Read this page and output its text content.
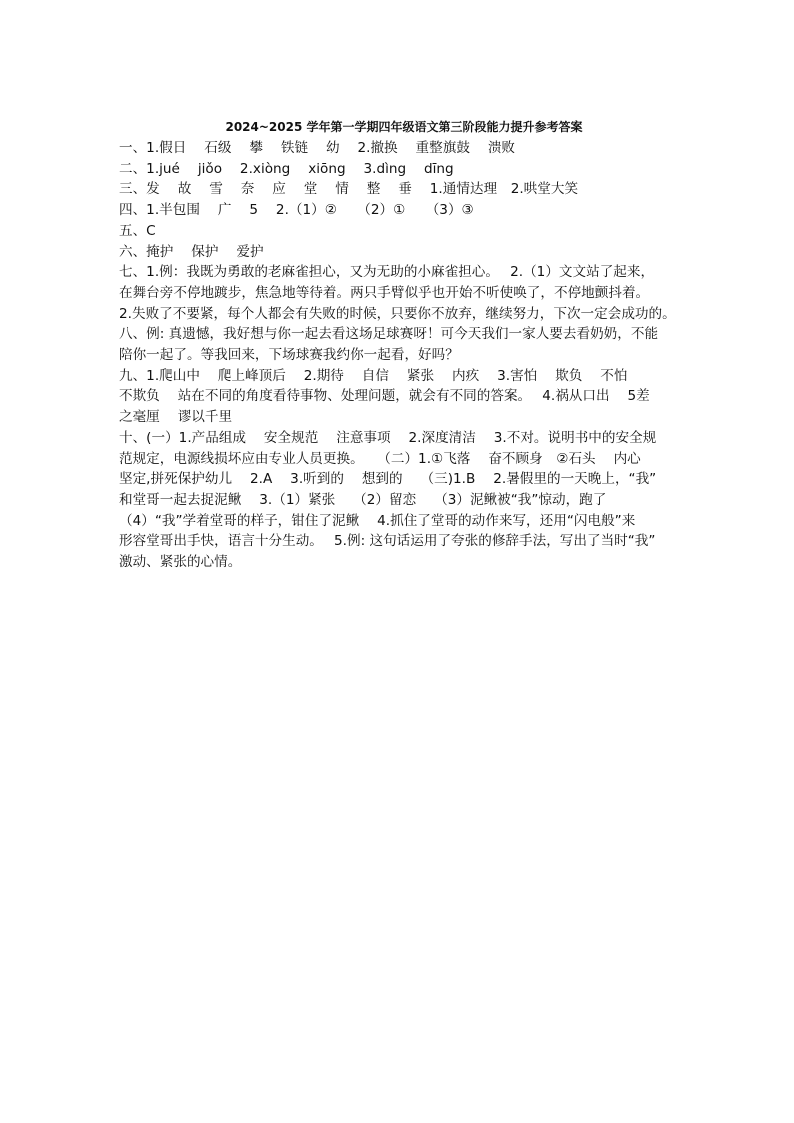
2024~2025 学年第一学期四年级语文第三阶段能力提升参考答案
一、1.假日　 石级　 攀　 铁链　 幼　 2.撤换　 重整旗鼓　 溃败
二、1.jué　 jiǒo　 2.xiòng　 xiōng　 3.dìng　 dīng
三、发　 故　 雪　 奈　 应　 堂　 情　 整　 垂　 1.通情达理　2.哄堂大笑
四、1.半包围　 广　 5　 2.（1）②　　（2）①　　（3）③
五、C
六、掩护　 保护　 爱护
七、1.例：我既为勇敢的老麻雀担心，又为无助的小麻雀担心。　 2.（1）文文站了起来，
在舞台旁不停地踱步，焦急地等待着。两只手臂似乎也开始不听使唤了，不停地颤抖着。
2.失败了不要紧，每个人都会有失败的时候，只要你不放弃，继续努力，下次一定会成功的。
八、例: 真遗憾，我好想与你一起去看这场足球赛呀！可今天我们一家人要去看奶奶，不能
陪你一起了。等我回来，下场球赛我约你一起看，好吗？
九、1.爬山中　 爬上峰顶后　 2.期待　 自信　 紧张　 内疚　 3.害怕　 欺负　 不怕
不欺负　 站在不同的角度看待事物、处理问题，就会有不同的答案。　 4.祸从口出　 5差
之毫厘　 谬以千里
十、(一）1.产品组成　 安全规范　 注意事项　 2.深度清洁　 3.不对。说明书中的安全规
范规定，电源线损坏应由专业人员更换。　　（二）1.①飞落　 奋不顾身　②石头　 内心
坚定,拼死保护幼儿　 2.A　 3.听到的　 想到的　 （三)1.B　 2.暑假里的一天晚上，“我”
和堂哥一起去捉泥鳅　 3.（1）紧张　 （2）留恋　 （3）泥鳅被“我”惊动，跑了
（4）“我”学着堂哥的样子，钳住了泥鳅　 4.抓住了堂哥的动作来写，还用“闪电般”来
形容堂哥出手快，语言十分生动。　 5.例: 这句话运用了夸张的修辞手法，写出了当时“我”
激动、紧张的心情。
